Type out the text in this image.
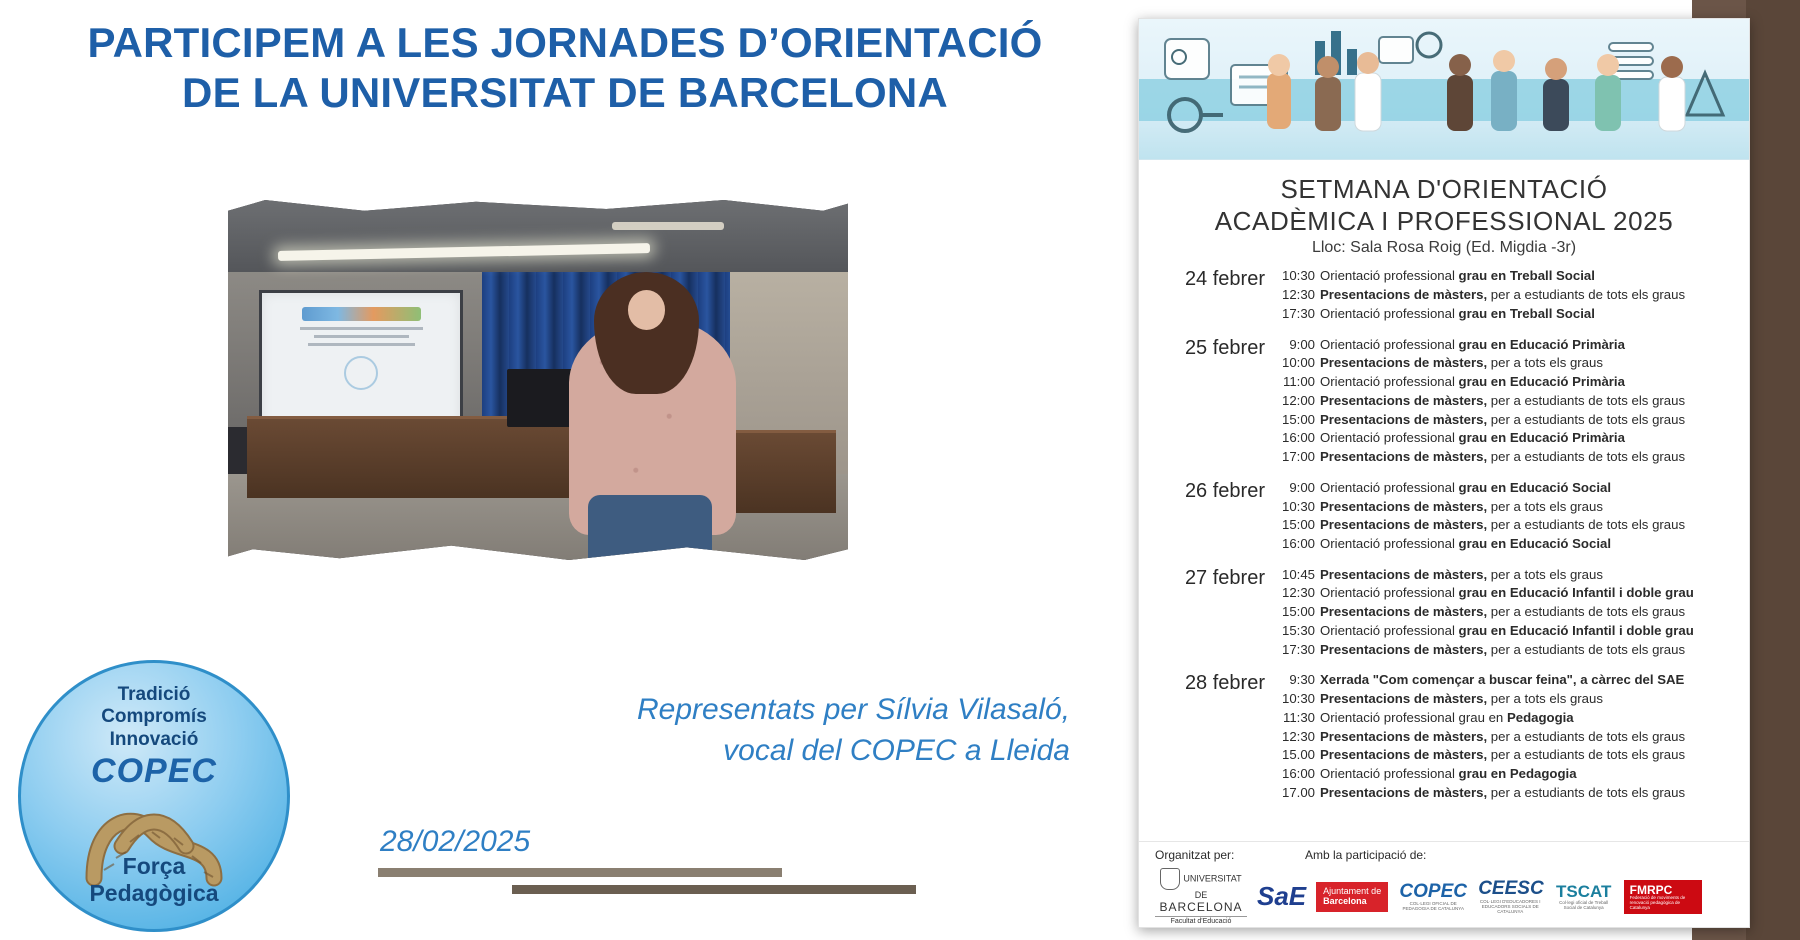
PARTICIPEM A LES JORNADES D’ORIENTACIÓ DE LA UNIVERSITAT DE BARCELONA
Representats per Sílvia Vilasaló,
vocal del COPEC a Lleida
28/02/2025
Tradició
Compromís
Innovació
COPEC
Força
Pedagògica
SETMANA D'ORIENTACIÓ
ACADÈMICA I PROFESSIONAL 2025
Lloc: Sala Rosa Roig (Ed. Migdia -3r)
24 febrer	10:30 Orientació professional grau en Treball Social
12:30 Presentacions de màsters, per a estudiants de tots els graus
17:30 Orientació professional grau en Treball Social
25 febrer	9:00 Orientació professional grau en Educació Primària
10:00 Presentacions de màsters, per a tots els graus
11:00 Orientació professional grau en Educació Primària
12:00 Presentacions de màsters, per a estudiants de tots els graus
15:00 Presentacions de màsters, per a estudiants de tots els graus
16:00 Orientació professional grau en Educació Primària
17:00 Presentacions de màsters, per a estudiants de tots els graus
26 febrer	9:00 Orientació professional grau en Educació Social
10:30 Presentacions de màsters, per a tots els graus
15:00 Presentacions de màsters, per a estudiants de tots els graus
16:00 Orientació professional grau en Educació Social
27 febrer	10:45 Presentacions de màsters, per a tots els graus
12:30 Orientació professional grau en Educació Infantil i doble grau
15:00 Presentacions de màsters, per a estudiants de tots els graus
15:30 Orientació professional grau en Educació Infantil i doble grau
17:30 Presentacions de màsters, per a estudiants de tots els graus
28 febrer	9:30 Xerrada "Com començar a buscar feina", a càrrec del SAE
10:30 Presentacions de màsters, per a tots els graus
11:30 Orientació professional grau en Pedagogia
12:30 Presentacions de màsters, per a estudiants de tots els graus
15.00 Presentacions de màsters, per a estudiants de tots els graus
16:00 Orientació professional grau en Pedagogia
17.00 Presentacions de màsters, per a estudiants de tots els graus
Organitzat per:	Amb la participació de:
UNIVERSITAT DE
BARCELONA
Facultat d'Educació
SaE Ajuntament de
Barcelona	COPEC
COL·LEGI OFICIAL DE PEDAGOGIA DE CATALUNYA
CEESC
COL·LEGI D'EDUCADORES I EDUCADORS SOCIALS DE CATALUNYA
TSCAT
Col·legi oficial de Treball Social de Catalunya
FMRPC
Federació de moviments de renovació pedagògica de Catalunya
